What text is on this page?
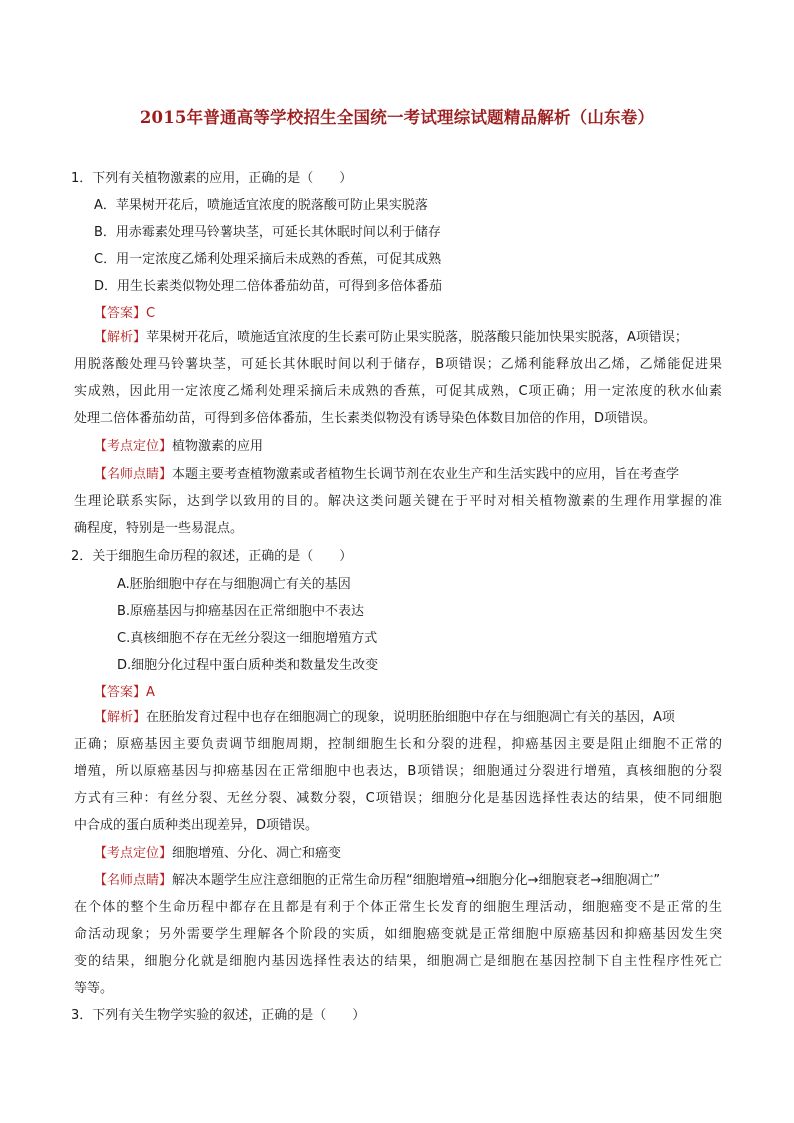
2015年普通高等学校招生全国统一考试理综试题精品解析（山东卷）
1．下列有关植物激素的应用，正确的是（　　）
A．苹果树开花后，喷施适宜浓度的脱落酸可防止果实脱落
B．用赤霉素处理马铃薯块茎，可延长其休眠时间以利于储存
C．用一定浓度乙烯利处理采摘后未成熟的香蕉，可促其成熟
D．用生长素类似物处理二倍体番茄幼苗，可得到多倍体番茄
【答案】C
【解析】苹果树开花后，喷施适宜浓度的生长素可防止果实脱落，脱落酸只能加快果实脱落，A项错误；
用脱落酸处理马铃薯块茎，可延长其休眠时间以利于储存，B项错误；乙烯利能释放出乙烯，乙烯能促进果
实成熟，因此用一定浓度乙烯利处理采摘后未成熟的香蕉，可促其成熟，C项正确；用一定浓度的秋水仙素
处理二倍体番茄幼苗，可得到多倍体番茄，生长素类似物没有诱导染色体数目加倍的作用，D项错误。
【考点定位】植物激素的应用
【名师点睛】本题主要考查植物激素或者植物生长调节剂在农业生产和生活实践中的应用，旨在考查学
生理论联系实际，达到学以致用的目的。解决这类问题关键在于平时对相关植物激素的生理作用掌握的准
确程度，特别是一些易混点。
2．关于细胞生命历程的叙述，正确的是（　　）
A.胚胎细胞中存在与细胞凋亡有关的基因
B.原癌基因与抑癌基因在正常细胞中不表达
C.真核细胞不存在无丝分裂这一细胞增殖方式
D.细胞分化过程中蛋白质种类和数量发生改变
【答案】A
【解析】在胚胎发育过程中也存在细胞凋亡的现象，说明胚胎细胞中存在与细胞凋亡有关的基因，A项
正确；原癌基因主要负责调节细胞周期，控制细胞生长和分裂的进程，抑癌基因主要是阻止细胞不正常的
增殖，所以原癌基因与抑癌基因在正常细胞中也表达，B项错误；细胞通过分裂进行增殖，真核细胞的分裂
方式有三种：有丝分裂、无丝分裂、减数分裂，C项错误；细胞分化是基因选择性表达的结果，使不同细胞
中合成的蛋白质种类出现差异，D项错误。
【考点定位】细胞增殖、分化、凋亡和癌变
【名师点睛】解决本题学生应注意细胞的正常生命历程“细胞增殖→细胞分化→细胞衰老→细胞凋亡”
在个体的整个生命历程中都存在且都是有利于个体正常生长发育的细胞生理活动，细胞癌变不是正常的生
命活动现象；另外需要学生理解各个阶段的实质，如细胞癌变就是正常细胞中原癌基因和抑癌基因发生突
变的结果，细胞分化就是细胞内基因选择性表达的结果，细胞凋亡是细胞在基因控制下自主性程序性死亡
等等。
3．下列有关生物学实验的叙述，正确的是（　　）
